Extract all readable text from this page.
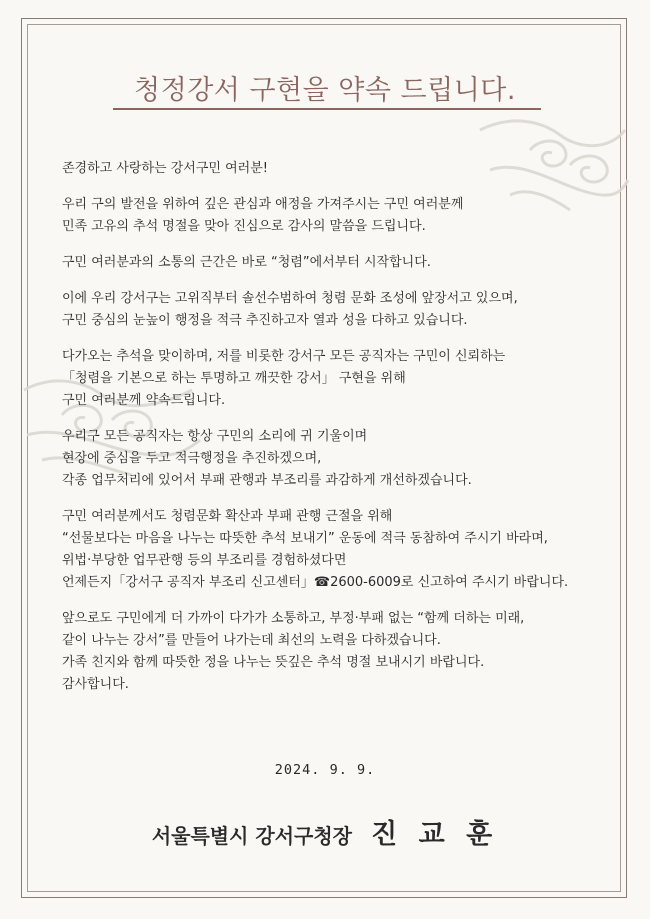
청정강서 구현을 약속 드립니다.

존경하고 사랑하는 강서구민 여러분!

우리 구의 발전을 위하여 깊은 관심과 애정을 가져주시는 구민 여러분께
민족 고유의 추석 명절을 맞아 진심으로 감사의 말씀을 드립니다.

구민 여러분과의 소통의 근간은 바로 “청렴”에서부터 시작합니다.

이에 우리 강서구는 고위직부터 솔선수범하여 청렴 문화 조성에 앞장서고 있으며,
구민 중심의 눈높이 행정을 적극 추진하고자 열과 성을 다하고 있습니다.

다가오는 추석을 맞이하며, 저를 비롯한 강서구 모든 공직자는 구민이 신뢰하는
「청렴을 기본으로 하는 투명하고 깨끗한 강서」 구현을 위해
구민 여러분께 약속드립니다.

우리구 모든 공직자는 항상 구민의 소리에 귀 기울이며
현장에 중심을 두고 적극행정을 추진하겠으며,
각종 업무처리에 있어서 부패 관행과 부조리를 과감하게 개선하겠습니다.

구민 여러분께서도 청렴문화 확산과 부패 관행 근절을 위해
“선물보다는 마음을 나누는 따뜻한 추석 보내기” 운동에 적극 동참하여 주시기 바라며,
위법·부당한 업무관행 등의 부조리를 경험하셨다면
언제든지「강서구 공직자 부조리 신고센터」☎2600-6009로 신고하여 주시기 바랍니다.

앞으로도 구민에게 더 가까이 다가가 소통하고, 부정·부패 없는 “함께 더하는 미래,
같이 나누는 강서”를 만들어 나가는데 최선의 노력을 다하겠습니다.
가족 친지와 함께 따뜻한 정을 나누는 뜻깊은 추석 명절 보내시기 바랍니다.
감사합니다.

2024. 9. 9.
서울특별시 강서구청장 진 교 훈
